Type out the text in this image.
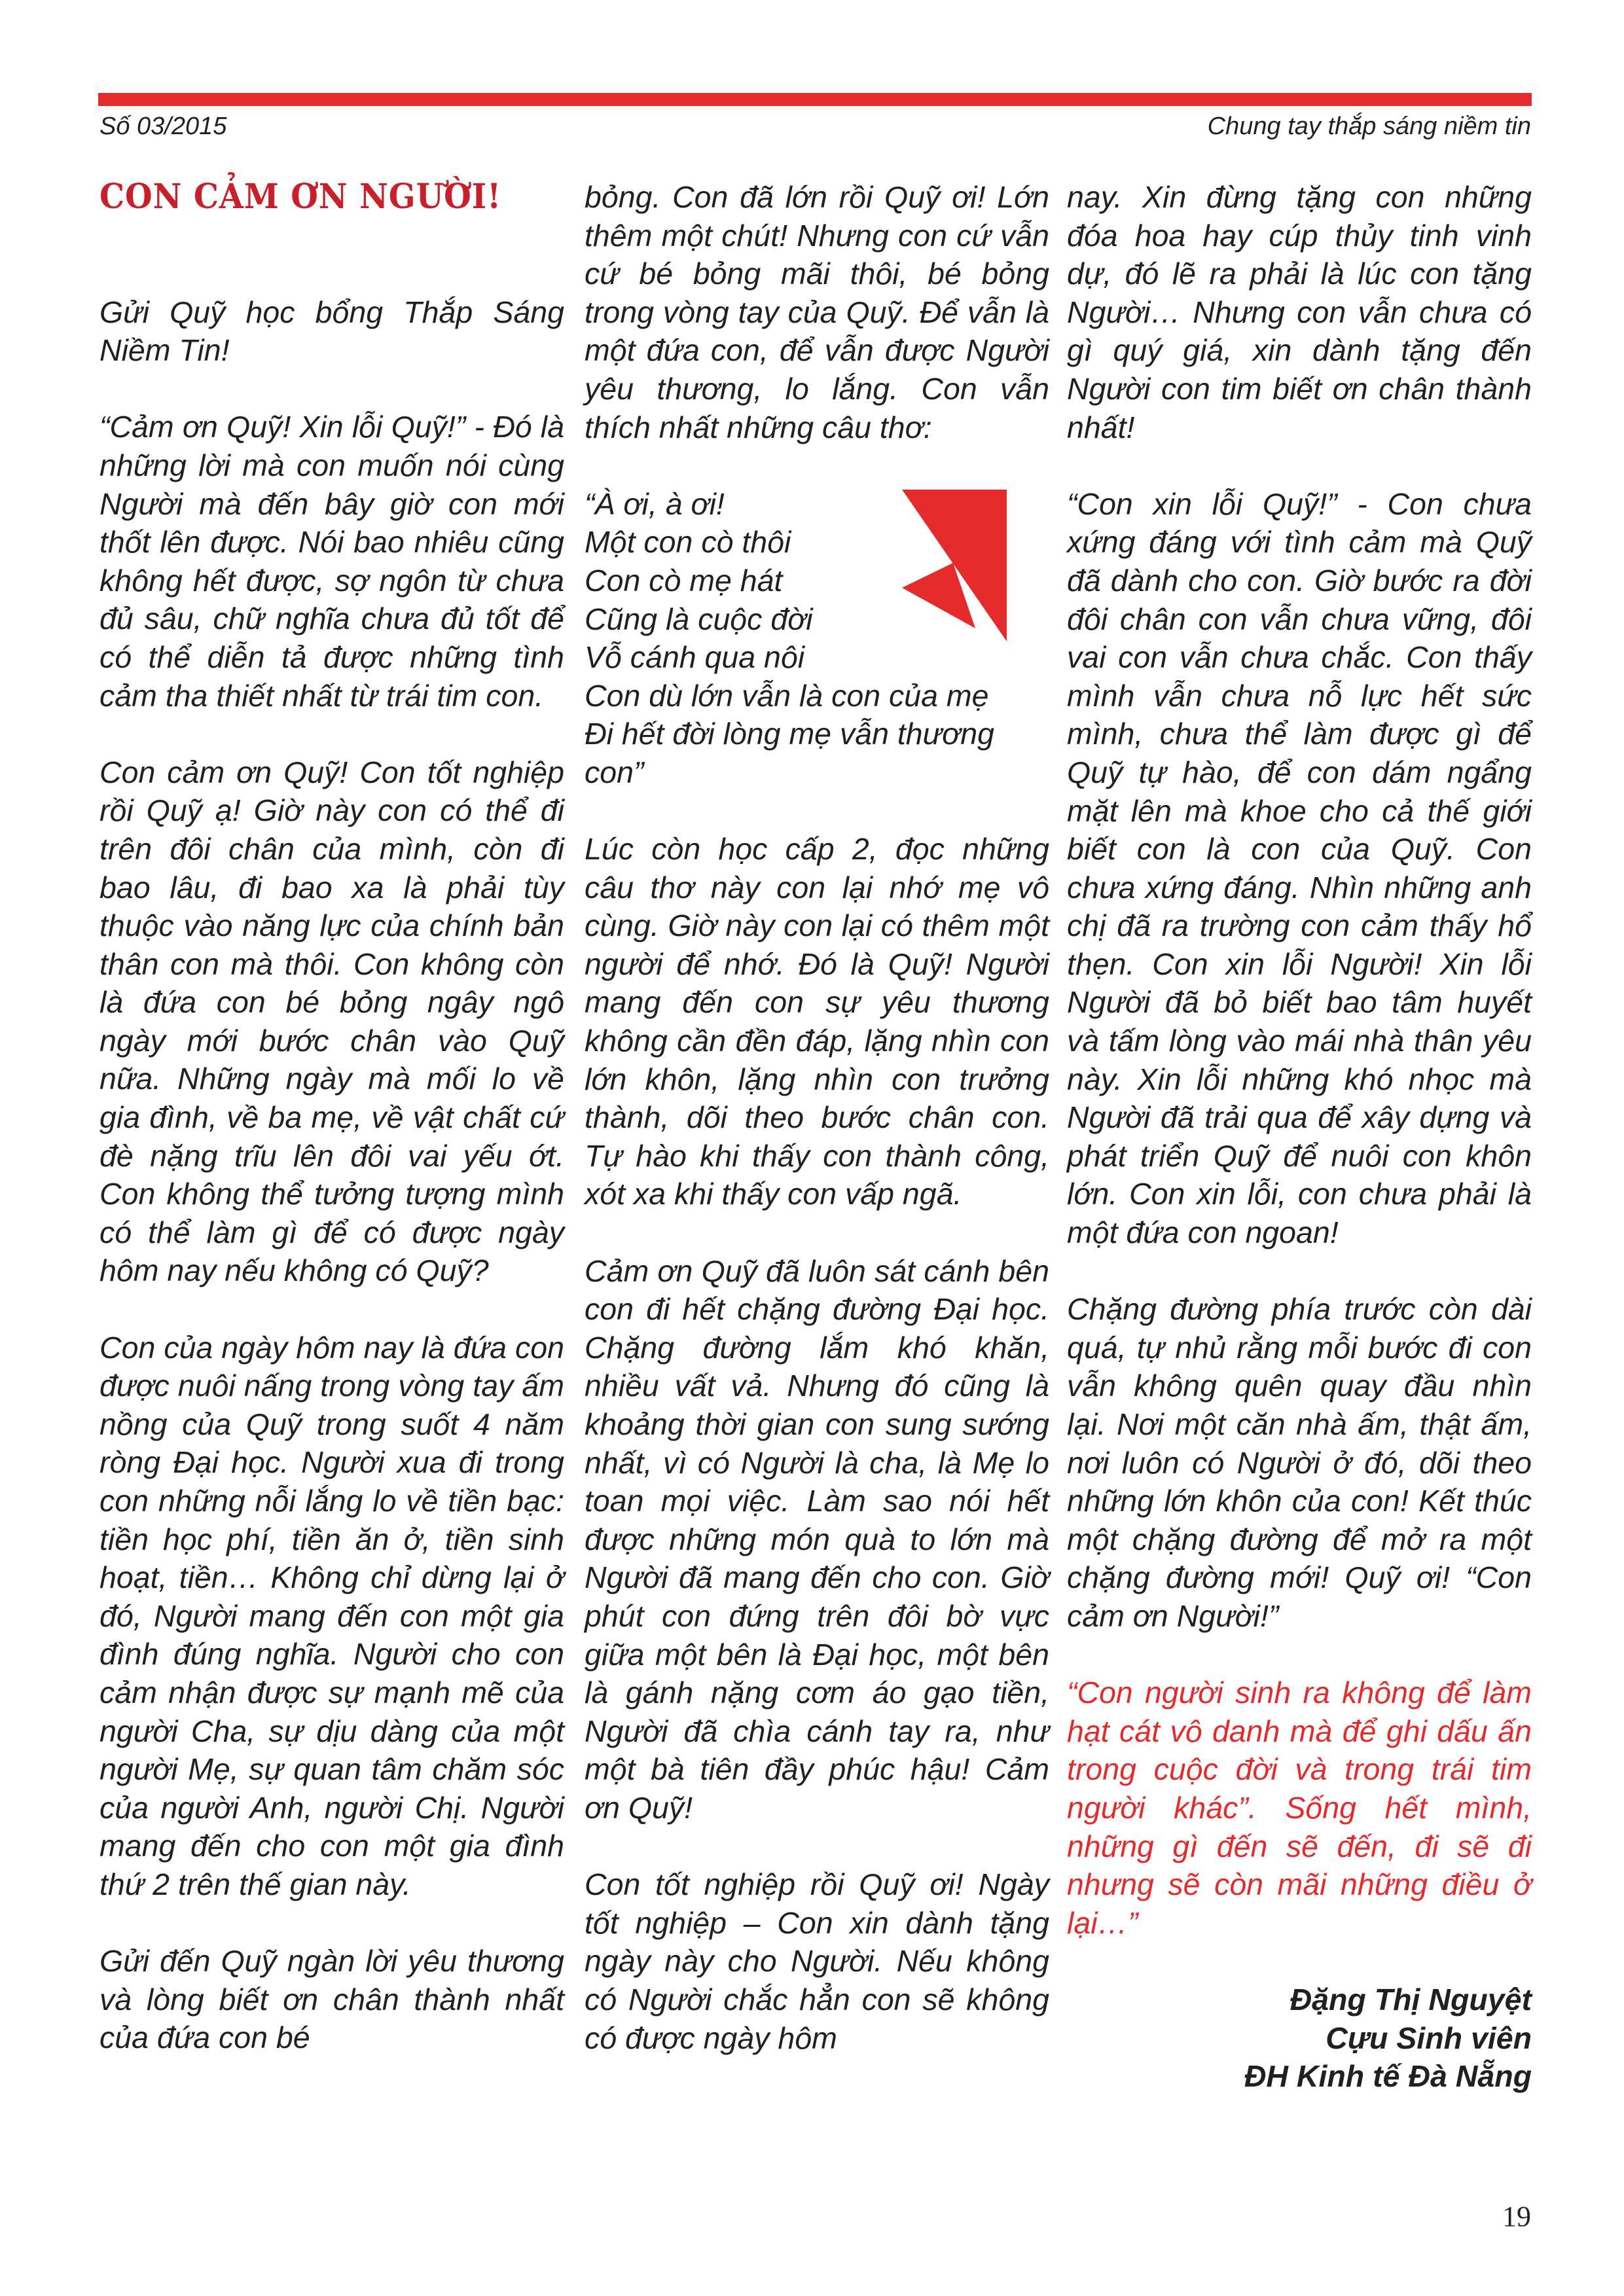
Số 03/2015	Chung tay thắp sáng niềm tin

CON CẢM ƠN NGƯỜI!

Gửi Quỹ học bổng Thắp Sáng Niềm Tin!

“Cảm ơn Quỹ! Xin lỗi Quỹ!” - Đó là những lời mà con muốn nói cùng Người mà đến bây giờ con mới thốt lên được. Nói bao nhiêu cũng không hết được, sợ ngôn từ chưa đủ sâu, chữ nghĩa chưa đủ tốt để có thể diễn tả được những tình cảm tha thiết nhất từ trái tim con.

Con cảm ơn Quỹ! Con tốt nghiệp rồi Quỹ ạ! Giờ này con có thể đi trên đôi chân của mình, còn đi bao lâu, đi bao xa là phải tùy thuộc vào năng lực của chính bản thân con mà thôi. Con không còn là đứa con bé bỏng ngây ngô ngày mới bước chân vào Quỹ nữa. Những ngày mà mối lo về gia đình, về ba mẹ, về vật chất cứ đè nặng trĩu lên đôi vai yếu ớt. Con không thể tưởng tượng mình có thể làm gì để có được ngày hôm nay nếu không có Quỹ?

Con của ngày hôm nay là đứa con được nuôi nấng trong vòng tay ấm nồng của Quỹ trong suốt 4 năm ròng Đại học. Người xua đi trong con những nỗi lắng lo về tiền bạc: tiền học phí, tiền ăn ở, tiền sinh hoạt, tiền… Không chỉ dừng lại ở đó, Người mang đến con một gia đình đúng nghĩa. Người cho con cảm nhận được sự mạnh mẽ của người Cha, sự dịu dàng của một người Mẹ, sự quan tâm chăm sóc của người Anh, người Chị. Người mang đến cho con một gia đình thứ 2 trên thế gian này.

Gửi đến Quỹ ngàn lời yêu thương và lòng biết ơn chân thành nhất của đứa con bé

bỏng. Con đã lớn rồi Quỹ ơi! Lớn thêm một chút! Nhưng con cứ vẫn cứ bé bỏng mãi thôi, bé bỏng trong vòng tay của Quỹ. Để vẫn là một đứa con, để vẫn được Người yêu thương, lo lắng. Con vẫn thích nhất những câu thơ:

“À ơi, à ơi!
Một con cò thôi
Con cò mẹ hát
Cũng là cuộc đời
Vỗ cánh qua nôi
Con dù lớn vẫn là con của mẹ
Đi hết đời lòng mẹ vẫn thương con”

Lúc còn học cấp 2, đọc những câu thơ này con lại nhớ mẹ vô cùng. Giờ này con lại có thêm một người để nhớ. Đó là Quỹ! Người mang đến con sự yêu thương không cần đền đáp, lặng nhìn con lớn khôn, lặng nhìn con trưởng thành, dõi theo bước chân con. Tự hào khi thấy con thành công, xót xa khi thấy con vấp ngã.

Cảm ơn Quỹ đã luôn sát cánh bên con đi hết chặng đường Đại học. Chặng đường lắm khó khăn, nhiều vất vả. Nhưng đó cũng là khoảng thời gian con sung sướng nhất, vì có Người là cha, là Mẹ lo toan mọi việc. Làm sao nói hết được những món quà to lớn mà Người đã mang đến cho con. Giờ phút con đứng trên đôi bờ vực giữa một bên là Đại học, một bên là gánh nặng cơm áo gạo tiền, Người đã chìa cánh tay ra, như một bà tiên đầy phúc hậu! Cảm ơn Quỹ!

Con tốt nghiệp rồi Quỹ ơi! Ngày tốt nghiệp – Con xin dành tặng ngày này cho Người. Nếu không có Người chắc hẳn con sẽ không có được ngày hôm

nay. Xin đừng tặng con những đóa hoa hay cúp thủy tinh vinh dự, đó lẽ ra phải là lúc con tặng Người… Nhưng con vẫn chưa có gì quý giá, xin dành tặng đến Người con tim biết ơn chân thành nhất!

“Con xin lỗi Quỹ!” - Con chưa xứng đáng với tình cảm mà Quỹ đã dành cho con. Giờ bước ra đời đôi chân con vẫn chưa vững, đôi vai con vẫn chưa chắc. Con thấy mình vẫn chưa nỗ lực hết sức mình, chưa thể làm được gì để Quỹ tự hào, để con dám ngẩng mặt lên mà khoe cho cả thế giới biết con là con của Quỹ. Con chưa xứng đáng. Nhìn những anh chị đã ra trường con cảm thấy hổ thẹn. Con xin lỗi Người! Xin lỗi Người đã bỏ biết bao tâm huyết và tấm lòng vào mái nhà thân yêu này. Xin lỗi những khó nhọc mà Người đã trải qua để xây dựng và phát triển Quỹ để nuôi con khôn lớn. Con xin lỗi, con chưa phải là một đứa con ngoan!

Chặng đường phía trước còn dài quá, tự nhủ rằng mỗi bước đi con vẫn không quên quay đầu nhìn lại. Nơi một căn nhà ấm, thật ấm, nơi luôn có Người ở đó, dõi theo những lớn khôn của con! Kết thúc một chặng đường để mở ra một chặng đường mới! Quỹ ơi! “Con cảm ơn Người!”

“Con người sinh ra không để làm hạt cát vô danh mà để ghi dấu ấn trong cuộc đời và trong trái tim người khác”. Sống hết mình, những gì đến sẽ đến, đi sẽ đi nhưng sẽ còn mãi những điều ở lại…”

Đặng Thị Nguyệt
Cựu Sinh viên
ĐH Kinh tế Đà Nẵng

19
